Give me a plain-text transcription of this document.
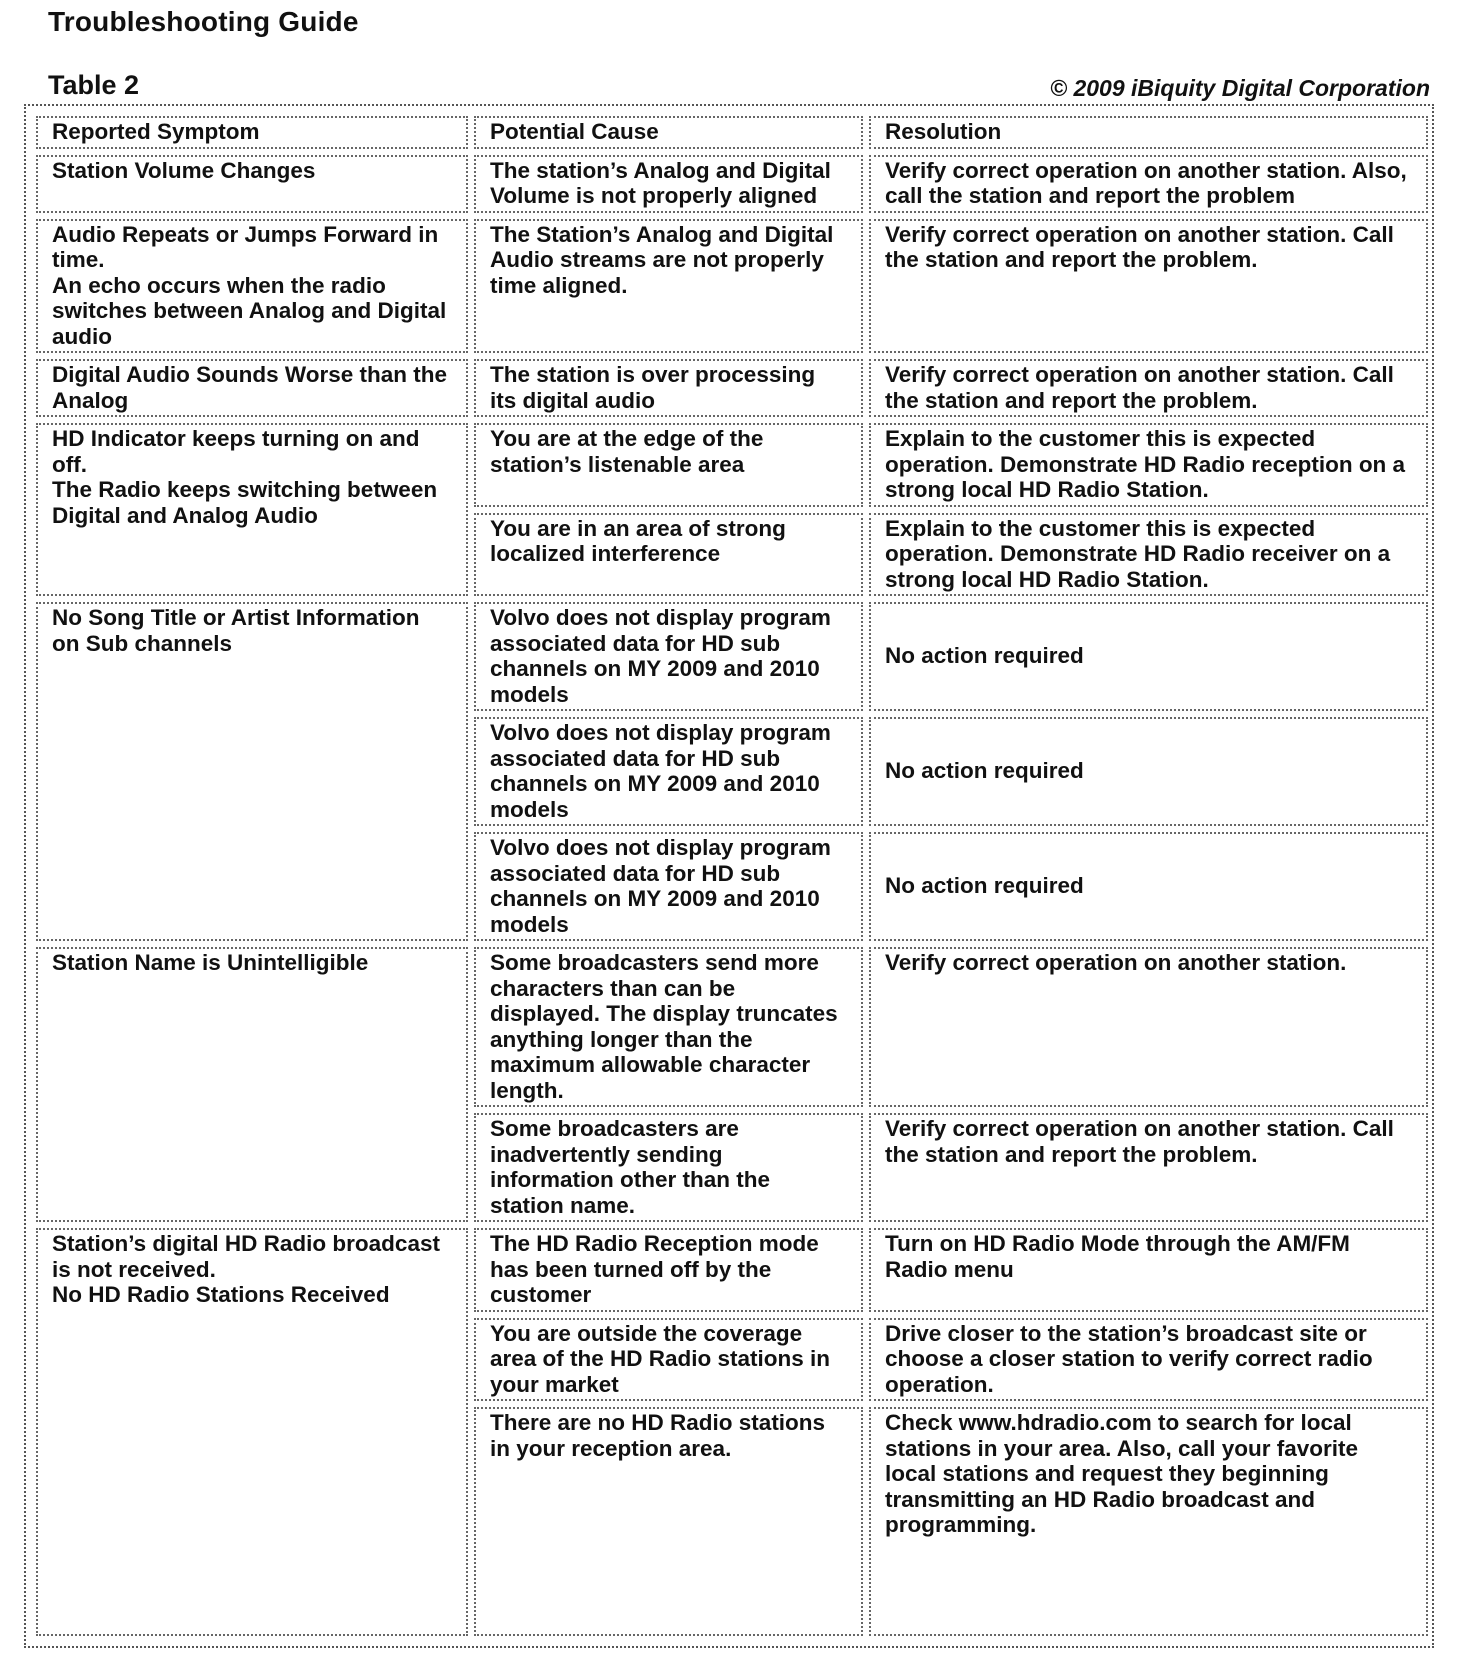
Troubleshooting Guide
Table 2	© 2009 iBiquity Digital Corporation
Reported Symptom	Potential Cause	Resolution

Station Volume Changes	The station’s Analog and Digital Volume is not properly aligned	Verify correct operation on another station. Also, call the station and report the problem

Audio Repeats or Jumps Forward in time.
An echo occurs when the radio switches between Analog and Digital audio	The Station’s Analog and Digital Audio streams are not properly time aligned.	Verify correct operation on another station. Call the station and report the problem.

Digital Audio Sounds Worse than the Analog	The station is over processing its digital audio	Verify correct operation on another station. Call the station and report the problem.

HD Indicator keeps turning on and off.
The Radio keeps switching between Digital and Analog Audio	You are at the edge of the station’s listenable area	Explain to the customer this is expected operation. Demonstrate HD Radio reception on a strong local HD Radio Station.
	You are in an area of strong localized interference	Explain to the customer this is expected operation. Demonstrate HD Radio receiver on a strong local HD Radio Station.

No Song Title or Artist Information on Sub channels	Volvo does not display program associated data for HD sub channels on MY 2009 and 2010 models	No action required
	Volvo does not display program associated data for HD sub channels on MY 2009 and 2010 models	No action required
	Volvo does not display program associated data for HD sub channels on MY 2009 and 2010 models	No action required

Station Name is Unintelligible	Some broadcasters send more characters than can be displayed. The display truncates anything longer than the maximum allowable character length.	Verify correct operation on another station.
	Some broadcasters are inadvertently sending information other than the station name.	Verify correct operation on another station. Call the station and report the problem.

Station’s digital HD Radio broadcast is not received.
No HD Radio Stations Received	The HD Radio Reception mode has been turned off by the customer	Turn on HD Radio Mode through the AM/FM Radio menu
	You are outside the coverage area of the HD Radio stations in your market	Drive closer to the station’s broadcast site or choose a closer station to verify correct radio operation.
	There are no HD Radio stations in your reception area.	Check www.hdradio.com to search for local stations in your area. Also, call your favorite local stations and request they beginning transmitting an HD Radio broadcast and programming.
